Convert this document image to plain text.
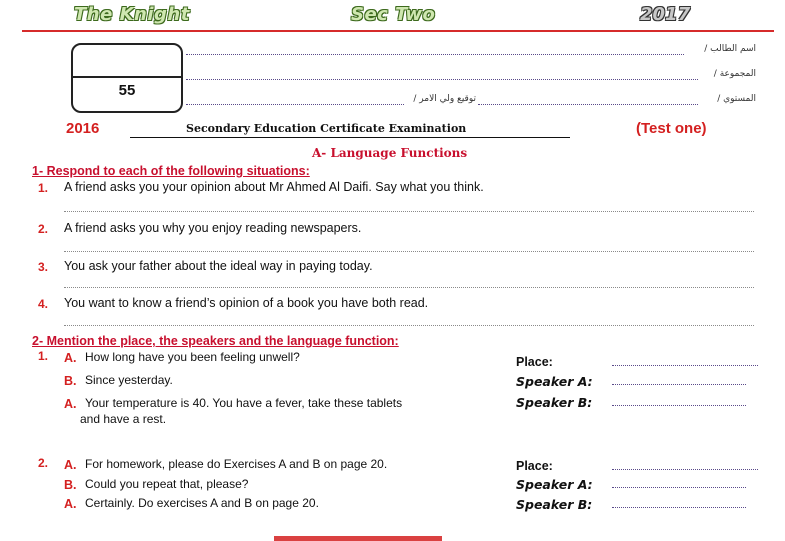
The Knight	Sec Two	2017
55
اسم الطالب /
المجموعة /
توقيع ولي الامر /	المستوي /
2016	Secondary Education Certificate Examination	(Test one)
A- Language Functions
1- Respond to each of the following situations:
1. A friend asks you your opinion about Mr Ahmed Al Daifi. Say what you think.
2. A friend asks you why you enjoy reading newspapers.
3. You ask your father about the ideal way in paying today.
4. You want to know a friend’s opinion of a book you have both read.
2- Mention the place, the speakers and the language function:
1. A. How long have you been feeling unwell?
B. Since yesterday.
A. Your temperature is 40. You have a fever, take these tablets
and have a rest.
Place:
Speaker A:
Speaker B:
2. A. For homework, please do Exercises A and B on page 20.
B. Could you repeat that, please?
A. Certainly. Do exercises A and B on page 20.
Place:
Speaker A:
Speaker B:
